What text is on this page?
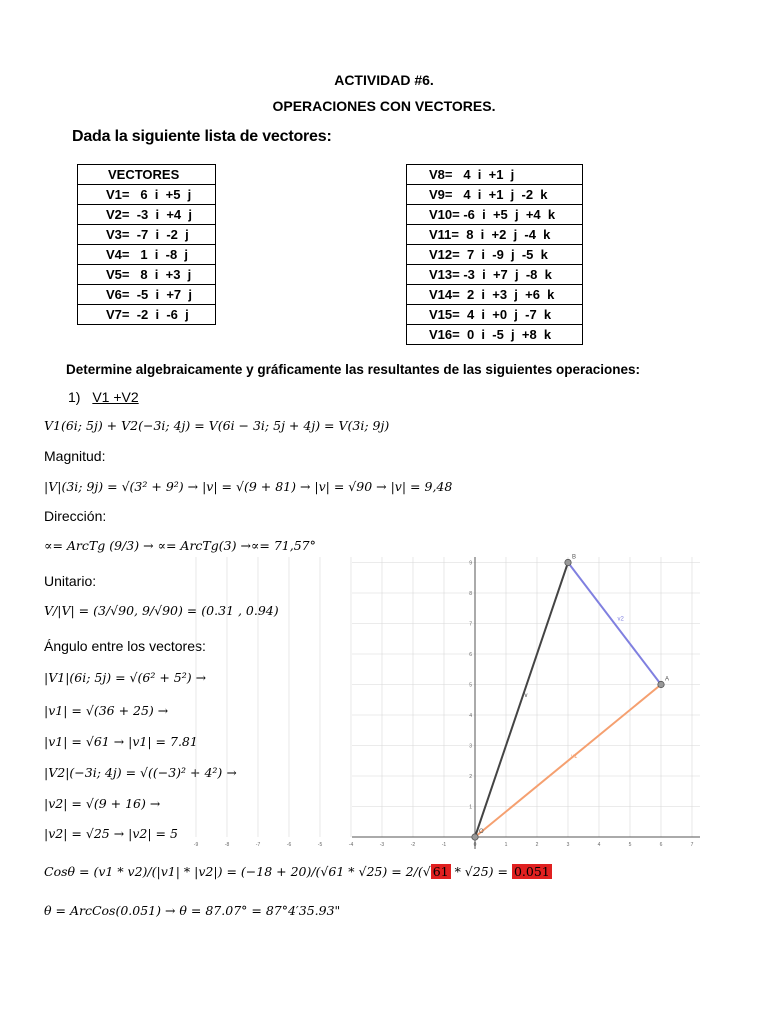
ACTIVIDAD #6.
OPERACIONES CON VECTORES.
Dada la siguiente lista de vectores:
VECTORES
V1=   6  i  +5  j
V2=  -3  i  +4  j
V3=  -7  i  -2  j
V4=   1  i  -8  j
V5=   8  i  +3  j
V6=  -5  i  +7  j
V7=  -2  i  -6  j
V8=   4  i  +1  j
V9=   4  i  +1  j  -2  k
V10= -6  i  +5  j  +4  k
V11=  8  i  +2  j  -4  k
V12=  7  i  -9  j  -5  k
V13= -3  i  +7  j  -8  k
V14=  2  i  +3  j  +6  k
V15=  4  i  +0  j  -7  k
V16=  0  i  -5  j  +8  k
Determine algebraicamente y gráficamente las resultantes de las siguientes operaciones:
1) V1 +V2
V1(6i; 5j) + V2(−3i; 4j) = V(6i − 3i; 5j + 4j) = V(3i; 9j)
Magnitud:
|V|(3i; 9j) = √(3² + 9²) → |v| = √(9 + 81) → |v| = √90 → |v| = 9,48
Dirección:
∝= ArcTg (9/3) → ∝= ArcTg(3) →∝= 71,57°
Unitario:
V/|V| = (3/√90, 9/√90) = (0.31 , 0.94)
Ángulo entre los vectores:
|V1|(6i; 5j) = √(6² + 5²) →
|v1| = √(36 + 25) →
|v1| = √61 → |v1| = 7.81
|V2|(−3i; 4j) = √((−3)² + 4²) →
|v2| = √(9 + 16) →
|v2| = √25 → |v2| = 5
Cosθ = (v1 * v2)/(|v1| * |v2|) = (−18 + 20)/(√61 * √25) = 2/(√ 61 * √25) = 0.051
θ = ArcCos(0.051) → θ = 87.07° = 87°4′35.93"
-9	-8	-7	-6	-5	-4	-3	-2	-1	0	1	2	3	4	5	6	7
1
2
3
4
5
6
7
8
9
v1
v2
v
A
B
O
